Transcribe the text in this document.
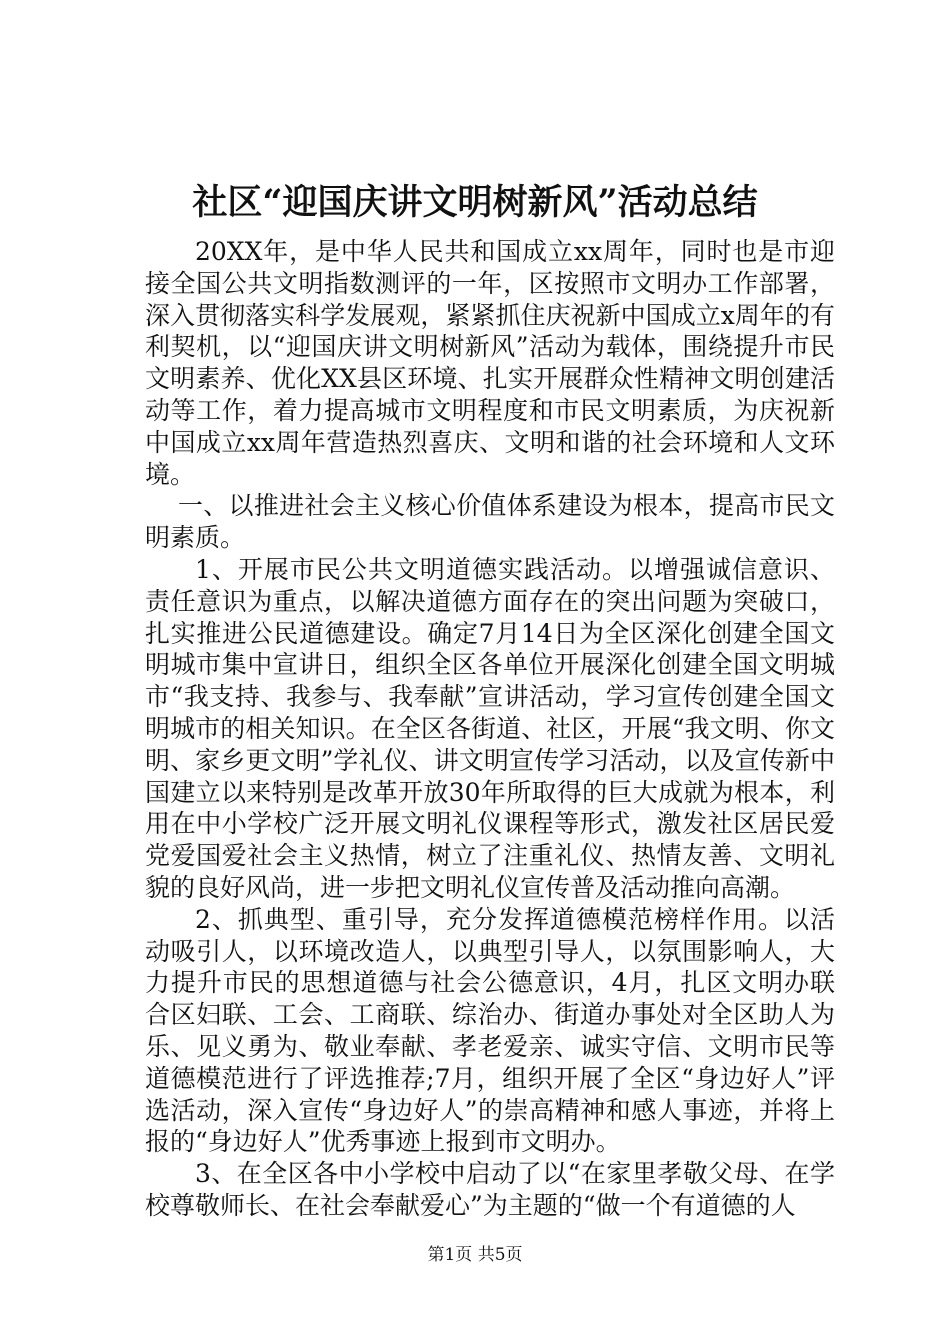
社区“迎国庆讲文明树新风”活动总结

20XX年，是中华人民共和国成立xx周年，同时也是市迎接全国公共文明指数测评的一年，区按照市文明办工作部署，深入贯彻落实科学发展观，紧紧抓住庆祝新中国成立x周年的有利契机，以“迎国庆讲文明树新风”活动为载体，围绕提升市民文明素养、优化XX县区环境、扎实开展群众性精神文明创建活动等工作，着力提高城市文明程度和市民文明素质，为庆祝新中国成立xx周年营造热烈喜庆、文明和谐的社会环境和人文环境。

一、以推进社会主义核心价值体系建设为根本，提高市民文明素质。

1、开展市民公共文明道德实践活动。以增强诚信意识、责任意识为重点，以解决道德方面存在的突出问题为突破口，扎实推进公民道德建设。确定7月14日为全区深化创建全国文明城市集中宣讲日，组织全区各单位开展深化创建全国文明城市“我支持、我参与、我奉献”宣讲活动，学习宣传创建全国文明城市的相关知识。在全区各街道、社区，开展“我文明、你文明、家乡更文明”学礼仪、讲文明宣传学习活动，以及宣传新中国建立以来特别是改革开放30年所取得的巨大成就为根本，利用在中小学校广泛开展文明礼仪课程等形式，激发社区居民爱党爱国爱社会主义热情，树立了注重礼仪、热情友善、文明礼貌的良好风尚，进一步把文明礼仪宣传普及活动推向高潮。

2、抓典型、重引导，充分发挥道德模范榜样作用。以活动吸引人，以环境改造人，以典型引导人，以氛围影响人，大力提升市民的思想道德与社会公德意识，4月，扎区文明办联合区妇联、工会、工商联、综治办、街道办事处对全区助人为乐、见义勇为、敬业奉献、孝老爱亲、诚实守信、文明市民等道德模范进行了评选推荐;7月，组织开展了全区“身边好人”评选活动，深入宣传“身边好人”的崇高精神和感人事迹，并将上报的“身边好人”优秀事迹上报到市文明办。

3、在全区各中小学校中启动了以“在家里孝敬父母、在学校尊敬师长、在社会奉献爱心”为主题的“做一个有道德的人

第1页 共5页
